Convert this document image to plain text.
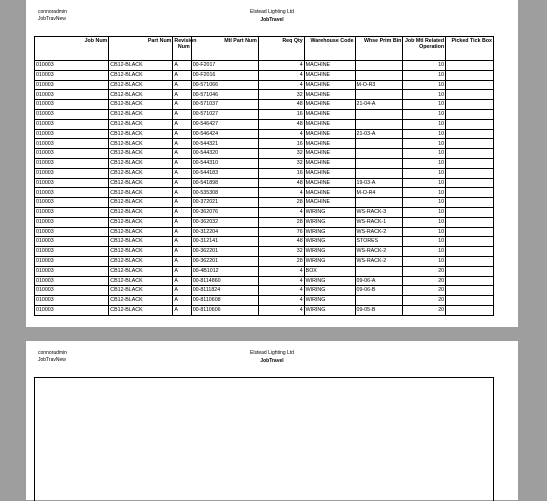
connoradmin
JobTravNew
Elstead Lighting Ltd
JobTravel
Job Num	Part Num	Revision Num	Mtl Part Num	Req Qty	Warehouse Code	Whse Prim Bin	Job Mtl Related Operation	Picked Tick Box
010003	CB12-BLACK	A	00-F2017	4	MACHINE		10	
010003	CB12-BLACK	A	00-F2016	4	MACHINE		10	
010003	CB12-BLACK	A	00-571066	4	MACHINE	M-O-R3	10	
010003	CB12-BLACK	A	00-571046	32	MACHINE		10	
010003	CB12-BLACK	A	00-571037	48	MACHINE	21-04-A	10	
010003	CB12-BLACK	A	00-571027	16	MACHINE		10	
010003	CB12-BLACK	A	00-546427	48	MACHINE		10	
010003	CB12-BLACK	A	00-546424	4	MACHINE	21-03-A	10	
010003	CB12-BLACK	A	00-544321	16	MACHINE		10	
010003	CB12-BLACK	A	00-544320	32	MACHINE		10	
010003	CB12-BLACK	A	00-544310	32	MACHINE		10	
010003	CB12-BLACK	A	00-544183	16	MACHINE		10	
010003	CB12-BLACK	A	00-541898	48	MACHINE	19-03-A	10	
010003	CB12-BLACK	A	00-535308	4	MACHINE	M-O-R4	10	
010003	CB12-BLACK	A	00-372021	28	MACHINE		10	
010003	CB12-BLACK	A	00-362076	4	WIRING	WS-RACK-3	10	
010003	CB12-BLACK	A	00-362032	28	WIRING	WS-RACK-1	10	
010003	CB12-BLACK	A	00-312204	76	WIRING	WS-RACK-2	10	
010003	CB12-BLACK	A	00-312141	48	WIRING	STORES	10	
010003	CB12-BLACK	A	00-362201	32	WIRING	WS-RACK-2	10	
010003	CB12-BLACK	A	00-362201	28	WIRING	WS-RACK-2	10	
010003	CB12-BLACK	A	00-4B1012	4	BOX		20	
010003	CB12-BLACK	A	00-8114860	4	WIRING	09-06-A	20	
010003	CB12-BLACK	A	00-8111824	4	WIRING	09-06-B	20	
010003	CB12-BLACK	A	00-8110608	4	WIRING		20	
010003	CB12-BLACK	A	00-8110606	4	WIRING	09-05-B	20	
connoradmin
JobTravNew
Elstead Lighting Ltd
JobTravel
